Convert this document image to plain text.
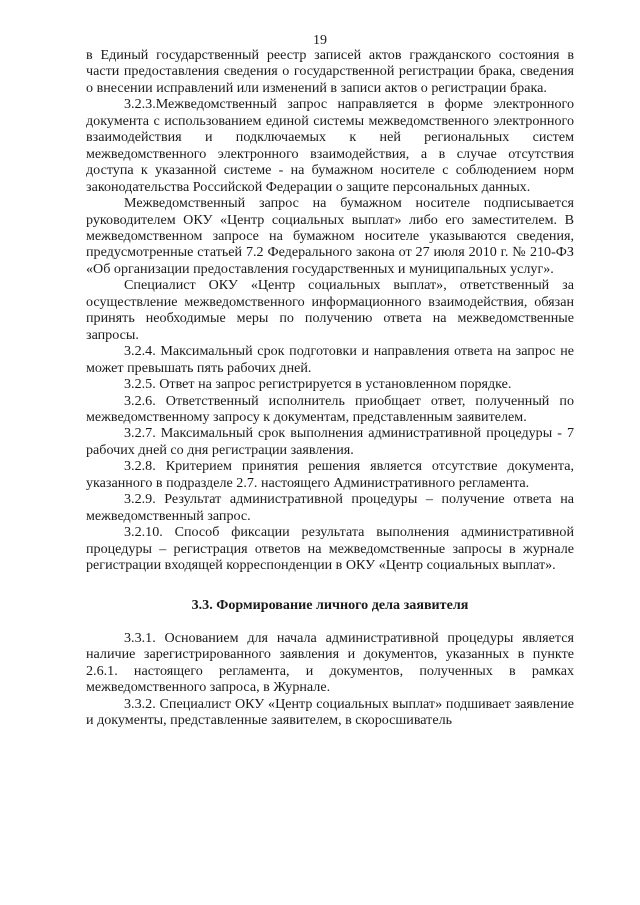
19

в Единый государственный реестр записей актов гражданского состояния в части предоставления сведения о государственной регистрации брака, сведения о внесении исправлений или изменений в записи актов о регистрации брака.

3.2.3.Межведомственный запрос направляется в форме электронного документа с использованием единой системы межведомственного электронного взаимодействия и подключаемых к ней региональных систем межведомственного электронного взаимодействия, а в случае отсутствия доступа к указанной системе - на бумажном носителе с соблюдением норм законодательства Российской Федерации о защите персональных данных.

Межведомственный запрос на бумажном носителе подписывается руководителем ОКУ «Центр социальных выплат» либо его заместителем. В межведомственном запросе на бумажном носителе указываются сведения, предусмотренные статьей 7.2 Федерального закона от 27 июля 2010 г. № 210-ФЗ «Об организации предоставления государственных и муниципальных услуг».

Специалист ОКУ «Центр социальных выплат», ответственный за осуществление межведомственного информационного взаимодействия, обязан принять необходимые меры по получению ответа на межведомственные запросы.

3.2.4. Максимальный срок подготовки и направления ответа на запрос не может превышать пять рабочих дней.

3.2.5. Ответ на запрос регистрируется в установленном порядке.

3.2.6. Ответственный исполнитель приобщает ответ, полученный по межведомственному запросу к документам, представленным заявителем.

3.2.7. Максимальный срок выполнения административной процедуры - 7 рабочих дней со дня регистрации заявления.

3.2.8. Критерием принятия решения является отсутствие документа, указанного в подразделе 2.7. настоящего Административного регламента.

3.2.9. Результат административной процедуры – получение ответа на межведомственный запрос.

3.2.10. Способ фиксации результата выполнения административной процедуры – регистрация ответов на межведомственные запросы в журнале регистрации входящей корреспонденции в ОКУ «Центр социальных выплат».

3.3. Формирование личного дела заявителя

3.3.1. Основанием для начала административной процедуры является наличие зарегистрированного заявления и документов, указанных в пункте 2.6.1. настоящего регламента, и документов, полученных в рамках межведомственного запроса, в Журнале.

3.3.2. Специалист ОКУ «Центр социальных выплат» подшивает заявление и документы, представленные заявителем, в скоросшиватель
